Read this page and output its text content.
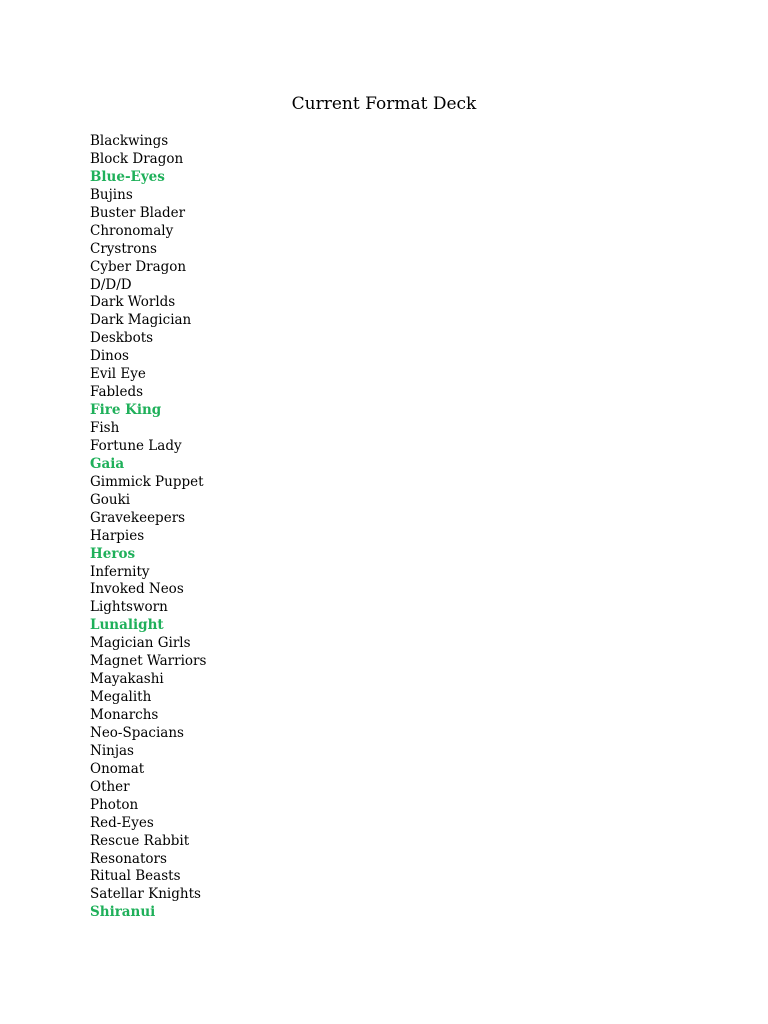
Current Format Deck
Blackwings
Block Dragon
Blue-Eyes
Bujins
Buster Blader
Chronomaly
Crystrons
Cyber Dragon
D/D/D
Dark Worlds
Dark Magician
Deskbots
Dinos
Evil Eye
Fableds
Fire King
Fish
Fortune Lady
Gaia
Gimmick Puppet
Gouki
Gravekeepers
Harpies
Heros
Infernity
Invoked Neos
Lightsworn
Lunalight
Magician Girls
Magnet Warriors
Mayakashi
Megalith
Monarchs
Neo-Spacians
Ninjas
Onomat
Other
Photon
Red-Eyes
Rescue Rabbit
Resonators
Ritual Beasts
Satellar Knights
Shiranui
